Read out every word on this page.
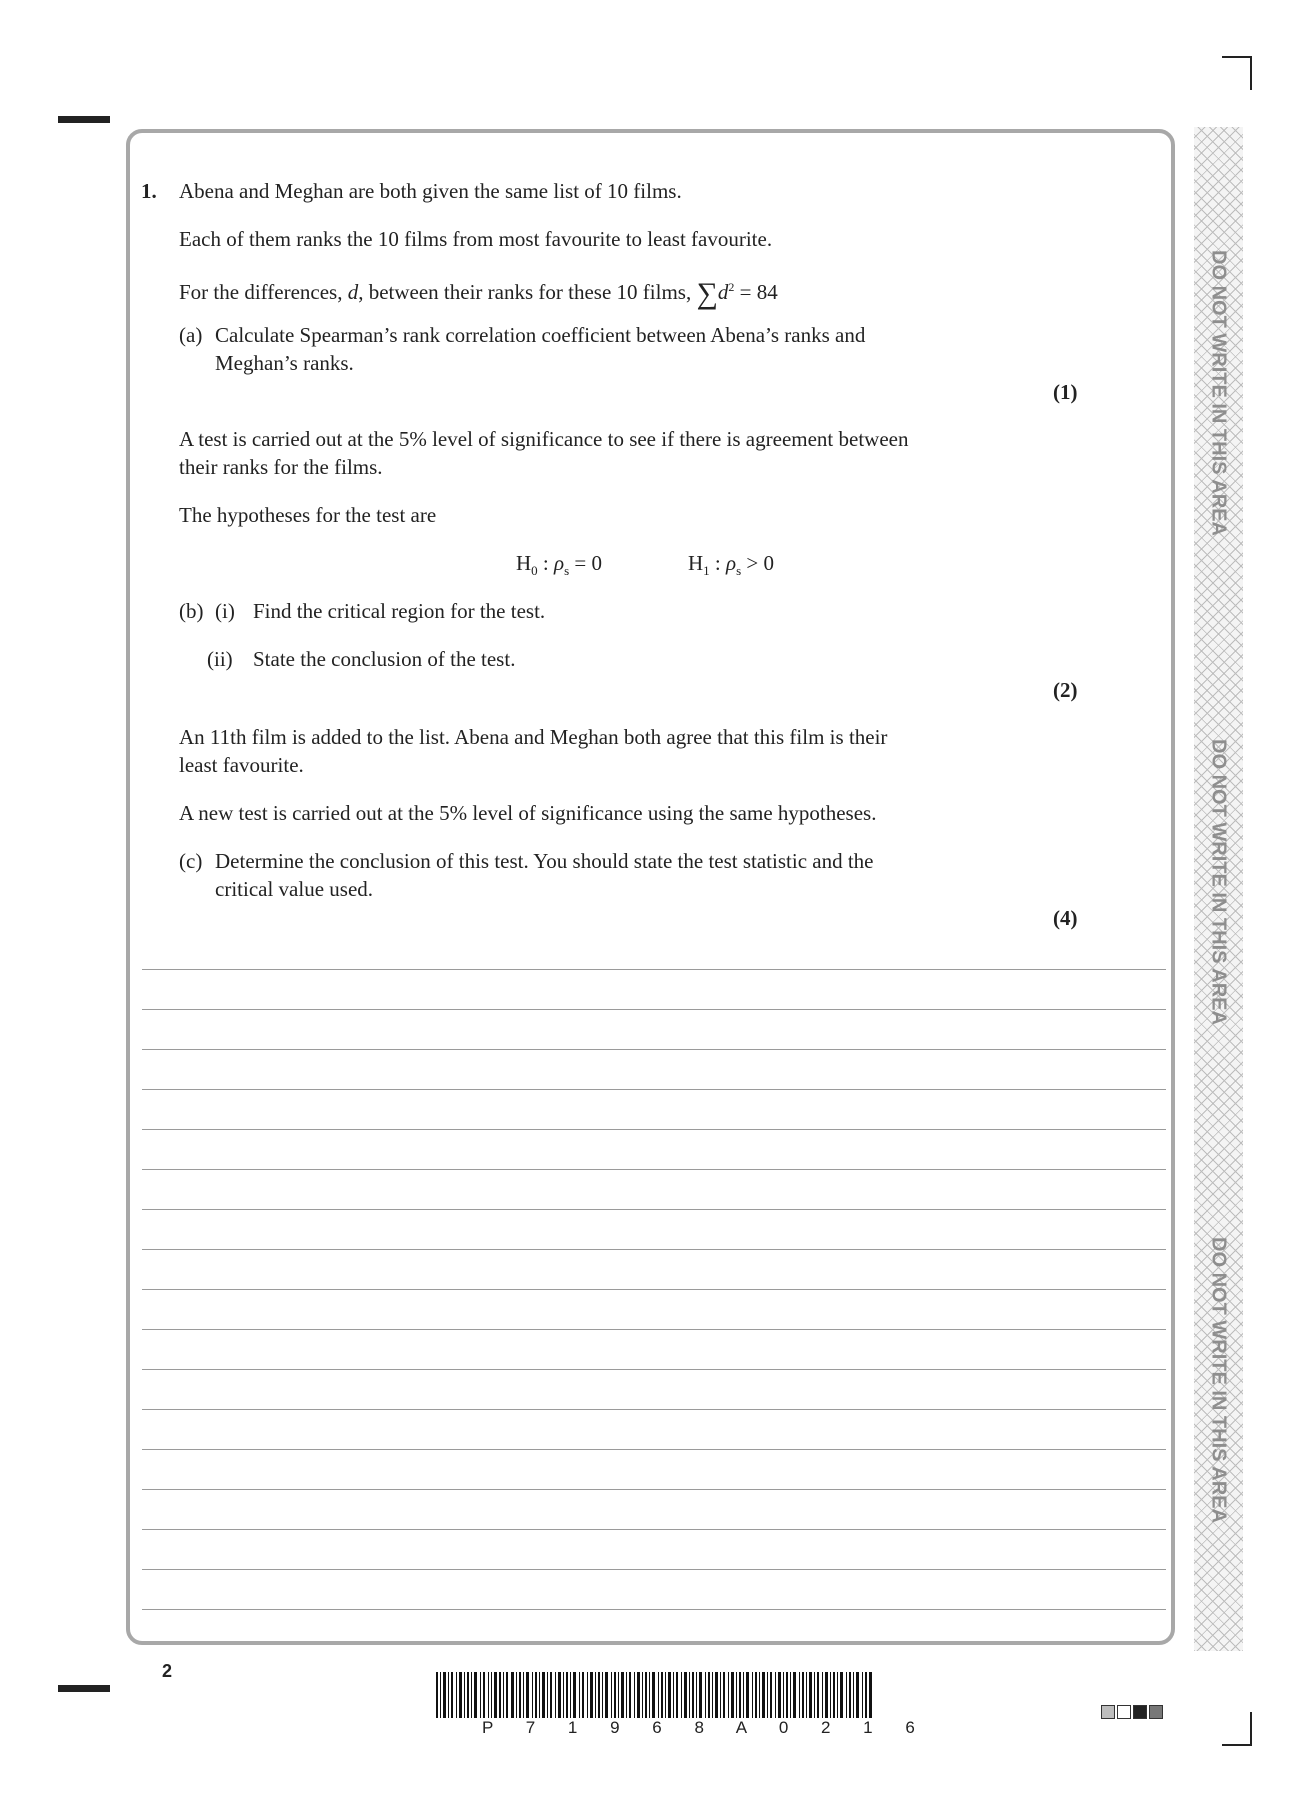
DO NOT WRITE IN THIS AREA
DO NOT WRITE IN THIS AREA
DO NOT WRITE IN THIS AREA
1. Abena and Meghan are both given the same list of 10 films.
Each of them ranks the 10 films from most favourite to least favourite.
For the differences, d, between their ranks for these 10 films, $\sum d^2 = 84$
(a) Calculate Spearman’s rank correlation coefficient between Abena’s ranks and
Meghan’s ranks.
(1)
A test is carried out at the 5% level of significance to see if there is agreement between
their ranks for the films.
The hypotheses for the test are
$H_0$ : $\rho_s = 0$	$H_1$ : $\rho_s > 0$
(b) (i) Find the critical region for the test.
(ii) State the conclusion of the test.
(2)
An 11th film is added to the list. Abena and Meghan both agree that this film is their
least favourite.
A new test is carried out at the 5% level of significance using the same hypotheses.
(c) Determine the conclusion of this test. You should state the test statistic and the
critical value used.
(4)
2
P 7 1 9 6 8 A 0 2 1 6
